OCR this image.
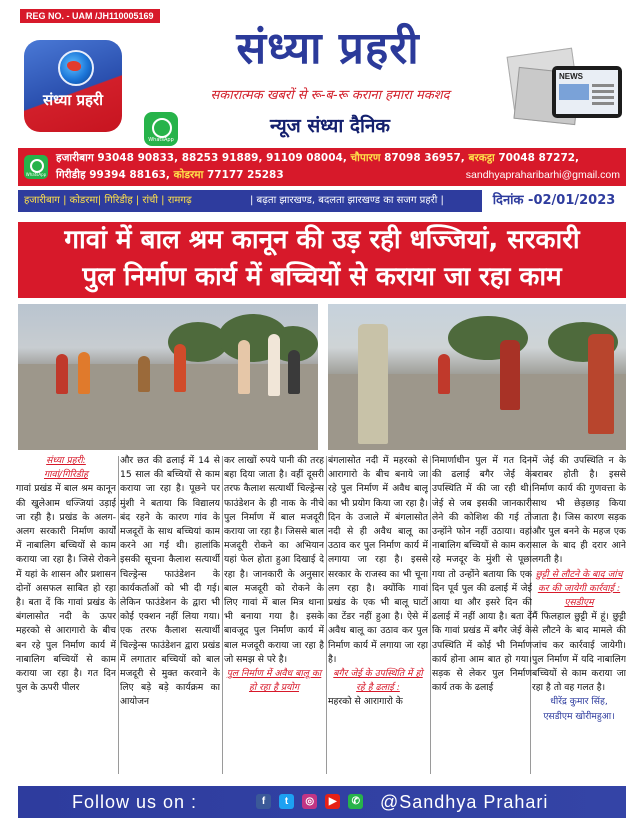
REG NO. - UAM /JH110005169
संध्या प्रहरी
संध्या प्रहरी
सकारात्मक खबरों से रू-ब-रू कराना हमारा मकशद
WhatsApp
न्यूज संध्या दैनिक
NEWS
WhatsApp
हजारीबाग 93048 90833, 88253 91889, 91109 08004, चौपारण 87098 36957, बरकट्ठा 70048 87272,
गिरीडीह 99394 88163, कोडरमा 77177 25283	sandhyapraharibarhi@gmail.com
हजारीबाग | कोडरमा| गिरिडीह | रांची | रामगढ़	| बढ़ता झारखण्ड, बदलता झारखण्ड का सजग प्रहरी |	दिनांक -02/01/2023
गावां में बाल श्रम कानून की उड़ रही धज्जियां, सरकारी
पुल निर्माण कार्य में बच्चियों से कराया जा रहा काम
संध्या प्रहरी:
गावां/गिरिडीह

गावां प्रखंड में बाल श्रम कानून की खुलेआम धज्जियां उड़ाई जा रही है। प्रखंड के अलग-अलग सरकारी निर्माण कार्यों में नाबालिग बच्चियों से काम कराया जा रहा है। जिसे रोकने में यहां के शासन और प्रशासन दोनों असफल साबित हो रहा है। बता दें कि गावां प्रखंड के बंगलासोत नदी के ऊपर महरको से आरागारो के बीच बन रहे पुल निर्माण कार्य में नाबालिग बच्चियों से काम कराया जा रहा है। गत दिन पुल के ऊपरी पीलर

और छत की ढलाई में 14 से 15 साल की बच्चियों से काम कराया जा रहा है। पूछने पर मुंशी ने बताया कि विद्यालय बंद रहने के कारण गांव के मजदूरों के साथ बच्चियां काम करने आ गई थी। हालांकि इसकी सूचना कैलाश सत्यार्थी चिल्ड्रेन्स फाउंडेशन के कार्यकर्ताओं को भी दी गई। लेकिन फाउंडेशन के द्वारा भी कोई एक्शन नहीं लिया गया। एक तरफ कैलाश सत्यार्थी चिल्ड्रेन्स फाउंडेशन द्वारा प्रखंड में लगातार बच्चियों को बाल मजदूरी से मुक्त करवाने के लिए बड़े बड़े कार्यक्रम का आयोजन

कर लाखों रुपये पानी की तरह बहा दिया जाता है। वहीं दूसरी तरफ कैलाश सत्यार्थी चिल्ड्रेन्स फाउंडेशन के ही नाक के नीचे पुल निर्माण में बाल मजदूरी कराया जा रहा है। जिससे बाल मजदूरी रोकने का अभियान यहां फेल होता हुआ दिखाई दे रहा है। जानकारी के अनुसार बाल मजदूरी को रोकने के लिए गावां में बाल मित्र थाना भी बनाया गया है। इसके बावजूद पुल निर्माण कार्य में बाल मजदूरी कराया जा रहा है जो समझ से परे है।

पुल निर्माण में अवैध बालू का हो रहा है प्रयोग

बंगलासोत नदी में महरको से आरागारो के बीच बनाये जा रहे पुल निर्माण में अवैध बालू का भी प्रयोग किया जा रहा है। दिन के उजाले में बंगलासोत नदी से ही अवैध बालू का उठाव कर पुल निर्माण कार्य में लगाया जा रहा है। इससे सरकार के राजस्व का भी चूना लग रहा है। क्योंकि गावां प्रखंड के एक भी बालू घाटों का टेंडर नहीं हुआ है। ऐसे में अवैध बालू का उठाव कर पुल निर्माण कार्य में लगाया जा रहा है।

बगैर जेई के उपस्थिति में हो रहे है ढलाई :

महरको से आरागारो के

निमार्णाधीन पुल में गत दिन की ढलाई बगैर जेई के उपस्थिति में की जा रही थी। जेई से जब इसकी जानकारी लेने की कोशिश की गई तो उन्होंने फोन नहीं उठाया। वहां नाबालिग बच्चियों से काम करा रहे मजदूर के मुंशी से पूछा गया तो उन्होंने बताया कि एक दिन पूर्व पुल की ढलाई में जेई आया था और इसरे दिन की ढलाई में नहीं आया है। बता दें कि गावां प्रखंड में बगैर जेई के उपस्थिति में कोई भी निर्माण कार्य होना आम बात हो गया। सड़क से लेकर पुल निर्माण कार्य तक के ढलाई

में जेई की उपस्थिति न के बराबर होती है। इससे निर्माण कार्य की गुणवत्ता के साथ भी छेड़छाड़ किया जाता है। जिस कारण सड़क और पुल बनने के महज एक साल के बाद ही दरार आने लगती है।

छुट्टी से लौटने के बाद जांच कर की जायेगी कार्रवाई : एसडीएम

मैं फिलहाल छुट्टी में हूं। छुट्टी से लौटने के बाद मामले की जांच कर कार्रवाई जायेगी। पुल निर्माण में यदि नाबालिग बच्चियों से काम कराया जा रहा है तो वह गलत है।

धीरेंद्र कुमार सिंह,
एसडीएम खोरीमहुआ।
Follow us on :	f t ◎ ▶ ✆	@Sandhya Prahari
